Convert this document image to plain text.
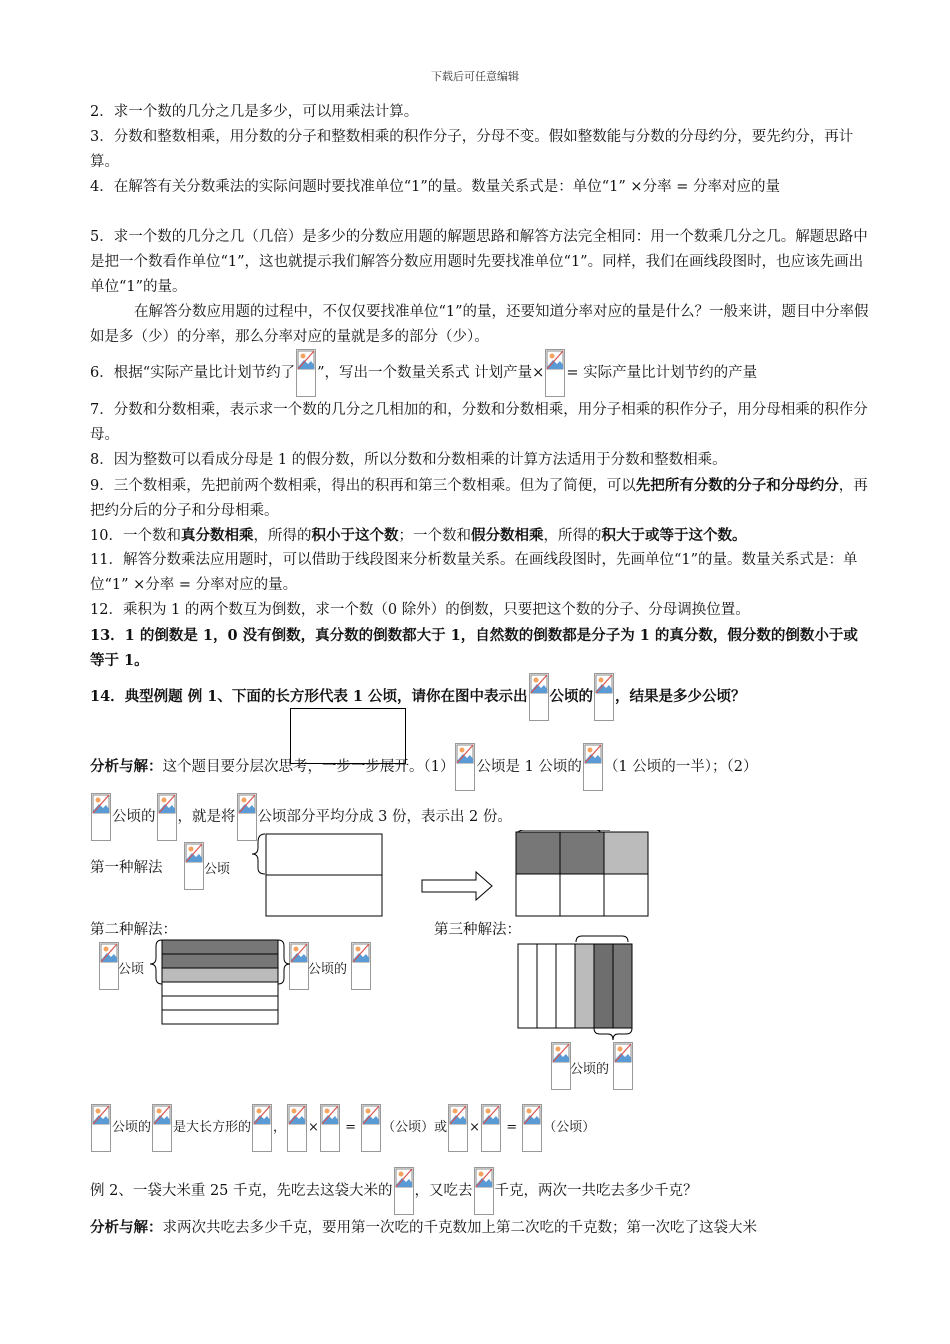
下载后可任意编辑
2．求一个数的几分之几是多少，可以用乘法计算。
3．分数和整数相乘，用分数的分子和整数相乘的积作分子，分母不变。假如整数能与分数的分母约分，要先约分，再计算。
4．在解答有关分数乘法的实际问题时要找准单位“1”的量。数量关系式是：单位“1” ×分率 = 分率对应的量
5．求一个数的几分之几（几倍）是多少的分数应用题的解题思路和解答方法完全相同：用一个数乘几分之几。解题思路中是把一个数看作单位“1”，这也就提示我们解答分数应用题时先要找准单位“1”。同样，我们在画线段图时，也应该先画出单位“1”的量。
在解答分数应用题的过程中，不仅仅要找准单位“1”的量，还要知道分率对应的量是什么？一般来讲，题目中分率假如是多（少）的分率，那么分率对应的量就是多的部分（少）。
6．根据“实际产量比计划节约了 ”，写出一个数量关系式 计划产量× = 实际产量比计划节约的产量
7．分数和分数相乘，表示求一个数的几分之几相加的和，分数和分数相乘，用分子相乘的积作分子，用分母相乘的积作分母。
8．因为整数可以看成分母是 1 的假分数，所以分数和分数相乘的计算方法适用于分数和整数相乘。
9．三个数相乘，先把前两个数相乘，得出的积再和第三个数相乘。但为了简便，可以先把所有分数的分子和分母约分，再把约分后的分子和分母相乘。
10．一个数和真分数相乘，所得的积小于这个数；一个数和假分数相乘，所得的积大于或等于这个数。
11．解答分数乘法应用题时，可以借助于线段图来分析数量关系。在画线段图时，先画单位“1”的量。数量关系式是：单位“1” ×分率 = 分率对应的量。
12．乘积为 1 的两个数互为倒数，求一个数（0 除外）的倒数，只要把这个数的分子、分母调换位置。
13．1 的倒数是 1，0 没有倒数，真分数的倒数都大于 1，自然数的倒数都是分子为 1 的真分数，假分数的倒数小于或等于 1。
14．典型例题 例 1、下面的长方形代表 1 公顷，请你在图中表示出 公顷的 ，结果是多少公顷？
分析与解：这个题目要分层次思考，一步一步展开。（1） 公顷是 1 公顷的 （1 公顷的一半）；（2）
公顷的 ，就是将 公顷部分平均分成 3 份，表示出 2 份。
第一种解法	公顷
第二种解法：	第三种解法：
公顷	公顷的
公顷的
公顷的 是大长方形的 ， × = （公顷）或 × = （公顷）
例 2、一袋大米重 25 千克，先吃去这袋大米的 ，又吃去 千克，两次一共吃去多少千克？
分析与解：求两次共吃去多少千克，要用第一次吃的千克数加上第二次吃的千克数；第一次吃了这袋大米
